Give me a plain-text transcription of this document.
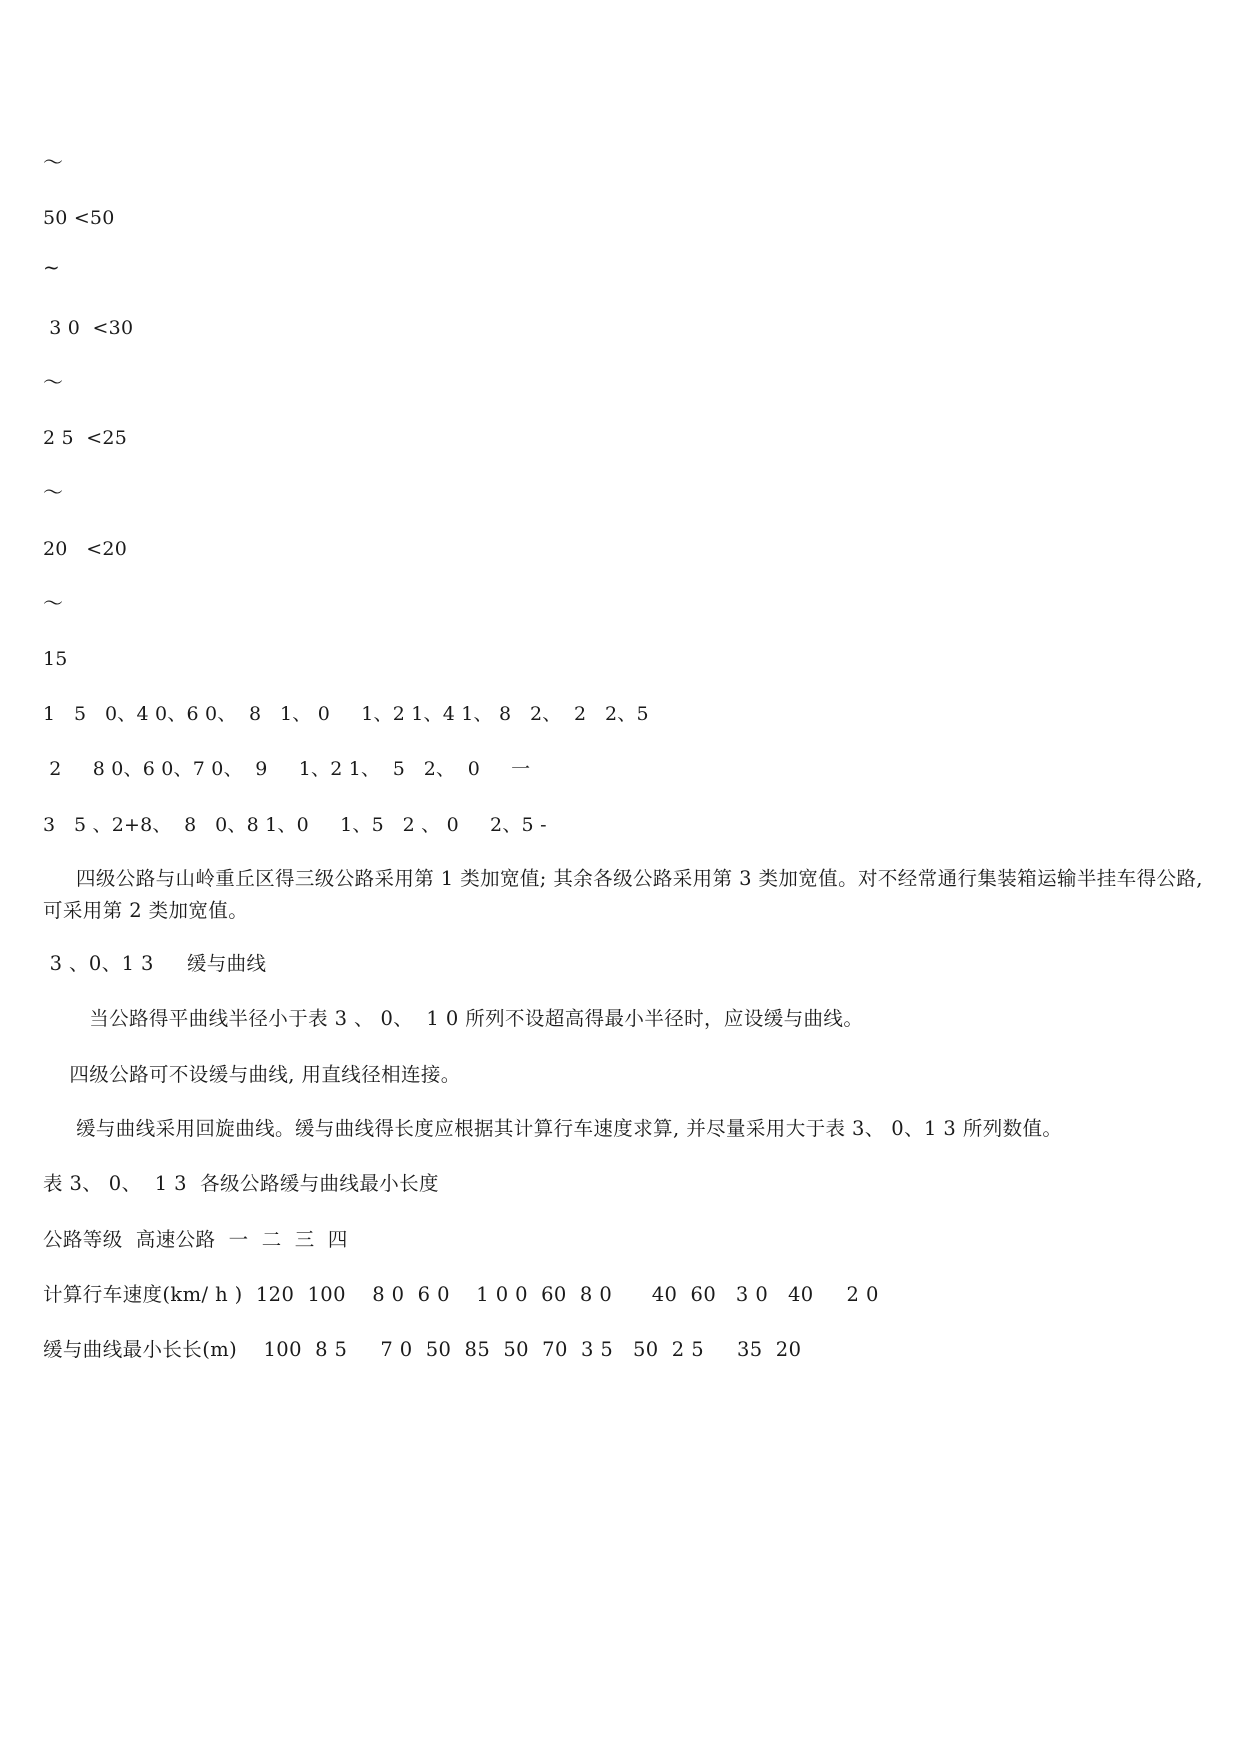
～
50 <50
~
3 0  <30
～
2 5  <25
～
20   <20
～
15
1   5   0、4 0、6 0、  8   1、 0     1、2 1、4 1、 8   2、  2   2、5
2     8 0、6 0、7 0、  9     1、2 1、  5   2、  0     一
3   5 、2+8、  8   0、8 1、0     1、5   2 、 0     2、5 -
四级公路与山岭重丘区得三级公路采用第 1 类加宽值; 其余各级公路采用第 3 类加宽值。对不经常通行集装箱运输半挂车得公路, 可采用第 2 类加宽值。
3 、0、1 3     缓与曲线
当公路得平曲线半径小于表 3 、 0、  1 0 所列不设超高得最小半径时，应设缓与曲线。
四级公路可不设缓与曲线, 用直线径相连接。
缓与曲线采用回旋曲线。缓与曲线得长度应根据其计算行车速度求算, 并尽量采用大于表 3、 0、1 3 所列数值。
表 3、 0、  1 3  各级公路缓与曲线最小长度
公路等级  高速公路  一  二  三  四
计算行车速度(km/ h )  120  100    8 0  6 0    1 0 0  60  8 0      40  60   3 0   40     2 0
缓与曲线最小长长(m)    100  8 5     7 0  50  85  50  70  3 5   50  2 5     35  20
